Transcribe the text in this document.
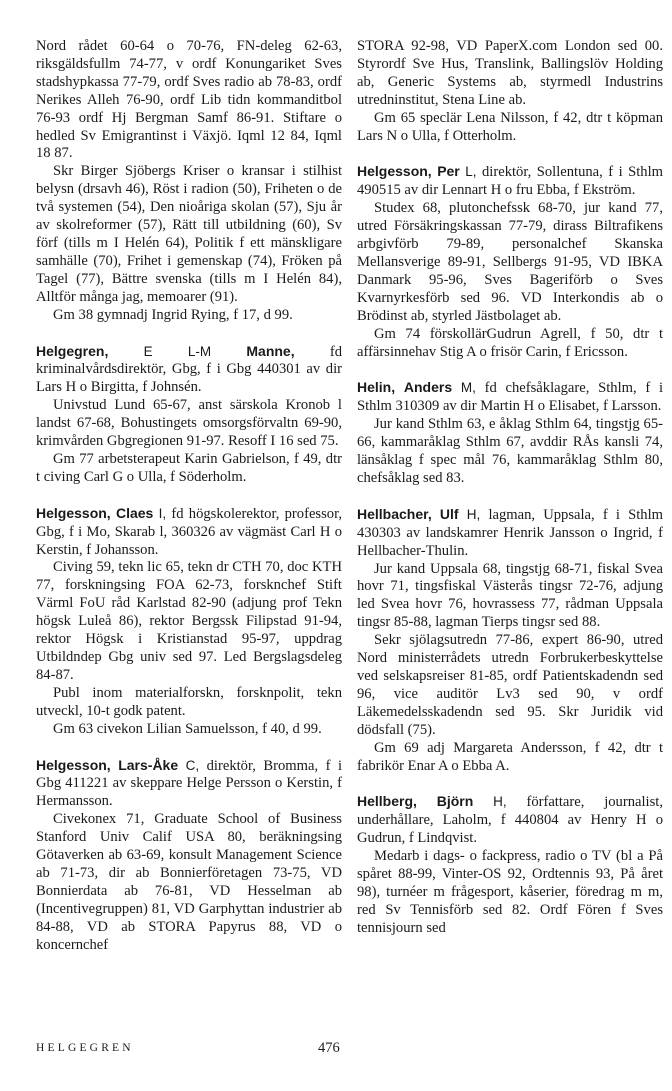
Nord rådet 60-64 o 70-76, FN-deleg 62-63, riksgäldsfullm 74-77, v ordf Konungariket Sves stadshypkassa 77-79, ordf Sves radio ab 78-83, ordf Nerikes Alleh 76-90, ordf Lib tidn kommanditbol 76-93 ordf Hj Bergman Samf 86-91. Stiftare o hedled Sv Emigrantinst i Växjö. Iqml 12 84, Iqml 18 87.

Skr Birger Sjöbergs Kriser o kransar i stilhist belysn (drsavh 46), Röst i radion (50), Friheten o de två systemen (54), Den nioåriga skolan (57), Sju år av skolreformer (57), Rätt till utbildning (60), Sv förf (tills m I Helén 64), Politik f ett mänskligare samhälle (70), Frihet i gemenskap (74), Fröken på Tagel (77), Bättre svenska (tills m I Helén 84), Alltför många jag, memoarer (91).

Gm 38 gymnadj Ingrid Rying, f 17, d 99.

Helgegren,	E L-M	Manne, fd kriminalvårdsdirektör, Gbg, f i Gbg 440301 av dir Lars H o Birgitta, f Johnsén.

Univstud Lund 65-67, anst särskola Kronob l landst 67-68, Bohustingets omsorgsförvaltn 69-90, krimvården Gbgregionen 91-97. Resoff I 16 sed 75.

Gm 77 arbetsterapeut Karin Gabrielson, f 49, dtr t civing Carl G o Ulla, f Söderholm.

Helgesson, Claes I, fd högskolerektor, professor, Gbg, f i Mo, Skarab l, 360326 av vägmäst Carl H o Kerstin, f Johansson.

Civing 59, tekn lic 65, tekn dr CTH 70, doc KTH 77, forskningsing FOA 62-73, forsknchef Stift Värml FoU råd Karlstad 82-90 (adjung prof Tekn högsk Luleå 86), rektor Bergssk Filipstad 91-94, rektor Högsk i Kristianstad 95-97, uppdrag Utbildndep Gbg univ sed 97. Led Bergslagsdeleg 84-87.

Publ inom materialforskn, forsknpolit, tekn utveckl, 10-t godk patent.

Gm 63 civekon Lilian Samuelsson, f 40, d 99.

Helgesson, Lars-Åke C, direktör, Bromma, f i Gbg 411221 av skeppare Helge Persson o Kerstin, f Hermansson.

Civekonex 71, Graduate School of Business Stanford Univ Calif USA 80, beräkningsing Götaverken ab 63-69, konsult Management Science ab 71-73, dir ab Bonnierföretagen 73-75, VD Bonnierdata ab 76-81, VD Hesselman ab (Incentivegruppen) 81, VD Garphyttan industrier ab 84-88, VD ab STORA Papyrus 88, VD o koncernchef

STORA 92-98, VD PaperX.com London sed 00. Styrordf Sve Hus, Translink, Ballingslöv Holding ab, Generic Systems ab, styrmedl Industrins utredninstitut, Stena Line ab.

Gm 65 speclär Lena Nilsson, f 42, dtr t köpman Lars N o Ulla, f Otterholm.

Helgesson, Per L, direktör, Sollentuna, f i Sthlm 490515 av dir Lennart H o fru Ebba, f Ekström.

Studex 68, plutonchefssk 68-70, jur kand 77, utred Försäkringskassan 77-79, dirass Biltrafikens arbgivförb 79-89, personalchef Skanska Mellansverige 89-91, Sellbergs 91-95, VD IBKA Danmark 95-96, Sves Bageriförb o Sves Kvarnyrkesförb sed 96. VD Interkondis ab o Brödinst ab, styrled Jästbolaget ab.

Gm 74 förskollärGudrun Agrell, f 50, dtr t affärsinnehav Stig A o frisör Carin, f Ericsson.

Helin, Anders M, fd chefsåklagare, Sthlm, f i Sthlm 310309 av dir Martin H o Elisabet, f Larsson.

Jur kand Sthlm 63, e åklag Sthlm 64, tingstjg 65-66, kammaråklag Sthlm 67, avddir RÅs kansli 74, länsåklag f spec mål 76, kammaråklag Sthlm 80, chefsåklag sed 83.

Hellbacher, Ulf H, lagman, Uppsala, f i Sthlm 430303 av landskamrer Henrik Jansson o Ingrid, f Hellbacher-Thulin.

Jur kand Uppsala 68, tingstjg 68-71, fiskal Svea hovr 71, tingsfiskal Västerås tingsr 72-76, adjung led Svea hovr 76, hovrassess 77, rådman Uppsala tingsr 85-88, lagman Tierps tingsr sed 88.

Sekr sjölagsutredn 77-86, expert 86-90, utred Nord ministerrådets utredn Forbrukerbeskyttelse ved selskapsreiser 81-85, ordf Patientskadendn sed 96, vice auditör Lv3 sed 90, v ordf Läkemedelsskadendn sed 95. Skr Juridik vid dödsfall (75).

Gm 69 adj Margareta Andersson, f 42, dtr t fabrikör Enar A o Ebba A.

Hellberg, Björn H, författare, journalist, underhållare, Laholm, f 440804 av Henry H o Gudrun, f Lindqvist.

Medarb i dags- o fackpress, radio o TV (bl a På spåret 88-99, Vinter-OS 92, Ordtennis 93, På året 98), turnéer m frågesport, kåserier, föredrag m m, red Sv Tennisförb sed 82. Ordf Fören f Sves tennisjourn sed

HELGEGREN	476
